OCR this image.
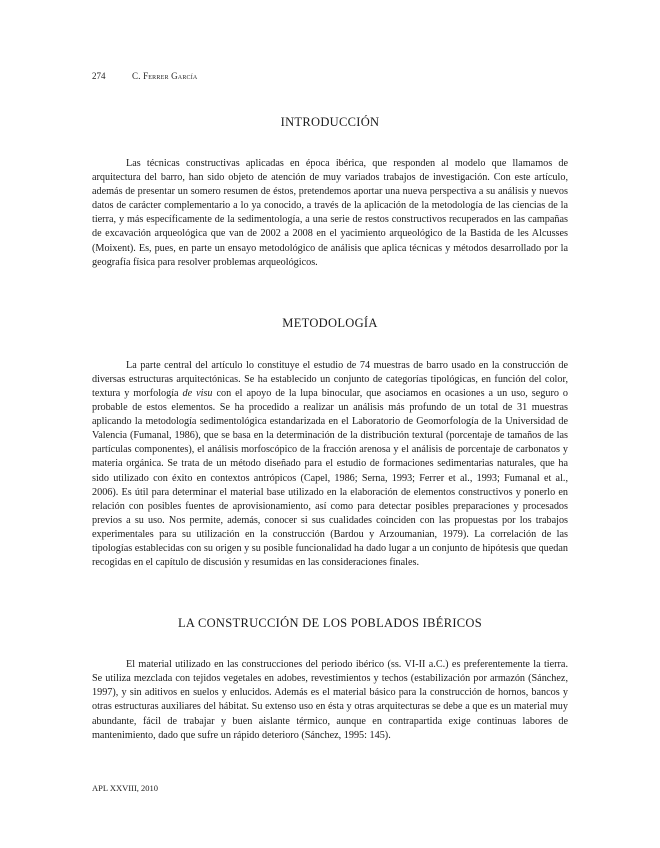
274	C. Ferrer García
INTRODUCCIÓN

Las técnicas constructivas aplicadas en época ibérica, que responden al modelo que llamamos de arquitectura del barro, han sido objeto de atención de muy variados trabajos de investigación. Con este artículo, además de presentar un somero resumen de éstos, pretendemos aportar una nueva perspectiva a su análisis y nuevos datos de carácter complementario a lo ya conocido, a través de la aplicación de la metodología de las ciencias de la tierra, y más específicamente de la sedimentología, a una serie de restos constructivos recuperados en las campañas de excavación arqueológica que van de 2002 a 2008 en el yacimiento arqueológico de la Bastida de les Alcusses (Moixent). Es, pues, en parte un ensayo metodológico de análisis que aplica técnicas y métodos desarrollado por la geografía física para resolver problemas arqueológicos.

METODOLOGÍA

La parte central del artículo lo constituye el estudio de 74 muestras de barro usado en la construcción de diversas estructuras arquitectónicas. Se ha establecido un conjunto de categorías tipológicas, en función del color, textura y morfología de visu con el apoyo de la lupa binocular, que asociamos en ocasiones a un uso, seguro o probable de estos elementos. Se ha procedido a realizar un análisis más profundo de un total de 31 muestras aplicando la metodología sedimentológica estandarizada en el Laboratorio de Geomorfología de la Universidad de Valencia (Fumanal, 1986), que se basa en la determinación de la distribución textural (porcentaje de tamaños de las partículas componentes), el análisis morfoscópico de la fracción arenosa y el análisis de porcentaje de carbonatos y materia orgánica. Se trata de un método diseñado para el estudio de formaciones sedimentarias naturales, que ha sido utilizado con éxito en contextos antrópicos (Capel, 1986; Serna, 1993; Ferrer et al., 1993; Fumanal et al., 2006). Es útil para determinar el material base utilizado en la elaboración de elementos constructivos y ponerlo en relación con posibles fuentes de aprovisionamiento, así como para detectar posibles preparaciones y procesados previos a su uso. Nos permite, además, conocer si sus cualidades coinciden con las propuestas por los trabajos experimentales para su utilización en la construcción (Bardou y Arzoumanian, 1979). La correlación de las tipologías establecidas con su origen y su posible funcionalidad ha dado lugar a un conjunto de hipótesis que quedan recogidas en el capítulo de discusión y resumidas en las consideraciones finales.

LA CONSTRUCCIÓN DE LOS POBLADOS IBÉRICOS

El material utilizado en las construcciones del periodo ibérico (ss. VI-II a.C.) es preferentemente la tierra. Se utiliza mezclada con tejidos vegetales en adobes, revestimientos y techos (estabilización por armazón (Sánchez, 1997), y sin aditivos en suelos y enlucidos. Además es el material básico para la construcción de hornos, bancos y otras estructuras auxiliares del hábitat. Su extenso uso en ésta y otras arquitecturas se debe a que es un material muy abundante, fácil de trabajar y buen aislante térmico, aunque en contrapartida exige continuas labores de mantenimiento, dado que sufre un rápido deterioro (Sánchez, 1995: 145).

APL XXVIII, 2010
